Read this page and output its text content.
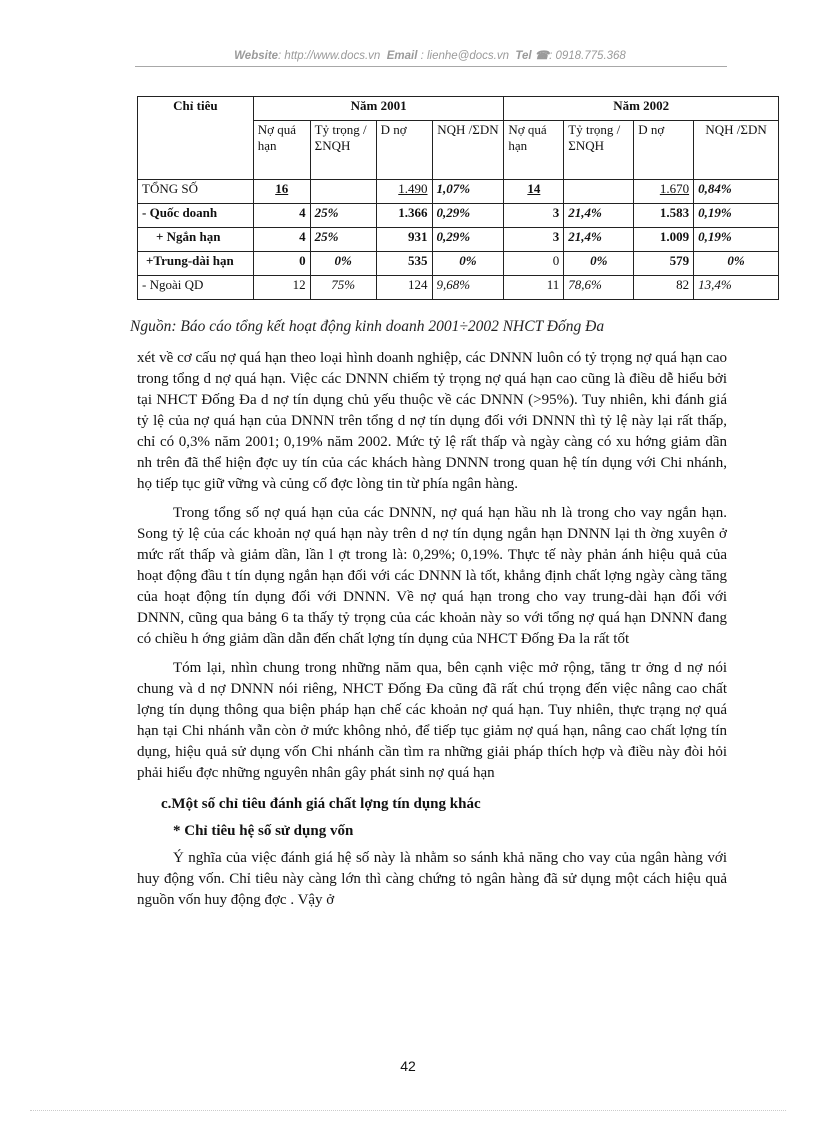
Website: http://www.docs.vn Email : lienhe@docs.vn Tel ☎: 0918.775.368
Chỉ tiêu	Năm 2001				Năm 2002			
	Nợ quá hạn	Tỷ trọng /ΣNQH	D nợ	NQH /ΣDN	Nợ quá hạn	Tỷ trọng /ΣNQH	D nợ	NQH /ΣDN
TỔNG SỐ	16		1.490	1,07%	14		1.670	0,84%
- Quốc doanh	4	25%	1.366	0,29%	3	21,4%	1.583	0,19%
+ Ngắn hạn	4	25%	931	0,29%	3	21,4%	1.009	0,19%
+Trung-dài hạn	0	0%	535	0%	0	0%	579	0%
- Ngoài QD	12	75%	124	9,68%	11	78,6%	82	13,4%
Nguồn: Báo cáo tổng kết hoạt động kinh doanh 2001÷2002 NHCT Đống Đa

xét về cơ cấu nợ quá hạn theo loại hình doanh nghiệp, các DNNN luôn có tỷ trọng nợ quá hạn cao trong tổng d nợ quá hạn. Việc các DNNN chiếm tỷ trọng nợ quá hạn cao cũng là điều dễ hiểu bởi tại NHCT Đống Đa d nợ tín dụng chủ yếu thuộc về các DNNN (>95%). Tuy nhiên, khi đánh giá tỷ lệ của nợ quá hạn của DNNN trên tổng d nợ tín dụng đối với DNNN thì tỷ lệ này lại rất thấp, chỉ có 0,3% năm 2001; 0,19% năm 2002. Mức tỷ lệ rất thấp và ngày càng có xu hớng giảm dần nh trên đã thể hiện đợc uy tín của các khách hàng DNNN trong quan hệ tín dụng với Chi nhánh, họ tiếp tục giữ vững và củng cố đợc lòng tin từ phía ngân hàng.

Trong tổng số nợ quá hạn của các DNNN, nợ quá hạn hầu nh là trong cho vay ngắn hạn. Song tỷ lệ của các khoản nợ quá hạn này trên d nợ tín dụng ngắn hạn DNNN lại th ờng xuyên ở mức rất thấp và giảm dần, lần l ợt trong là: 0,29%; 0,19%. Thực tế này phản ánh hiệu quả của hoạt động đầu t tín dụng ngắn hạn đối với các DNNN là tốt, khẳng định chất lợng ngày càng tăng của hoạt động tín dụng đối với DNNN. Về nợ quá hạn trong cho vay trung-dài hạn đối với DNNN, cũng qua bảng 6 ta thấy tỷ trọng của các khoản này so với tổng nợ quá hạn DNNN đang có chiều h ớng giảm dần dẫn đến chất lợng tín dụng của NHCT Đống Đa la rất tốt

Tóm lại, nhìn chung trong những năm qua, bên cạnh việc mở rộng, tăng tr ởng d nợ nói chung và d nợ DNNN nói riêng, NHCT Đống Đa cũng đã rất chú trọng đến việc nâng cao chất lợng tín dụng thông qua biện pháp hạn chế các khoản nợ quá hạn. Tuy nhiên, thực trạng nợ quá hạn tại Chi nhánh vẫn còn ở mức không nhỏ, để tiếp tục giảm nợ quá hạn, nâng cao chất lợng tín dụng, hiệu quả sử dụng vốn Chi nhánh cần tìm ra những giải pháp thích hợp và điều này đòi hỏi phải hiểu đợc những nguyên nhân gây phát sinh nợ quá hạn

c.Một số chỉ tiêu đánh giá chất lợng tín dụng khác

* Chỉ tiêu hệ số sử dụng vốn

Ý nghĩa của việc đánh giá hệ số này là nhằm so sánh khả năng cho vay của ngân hàng với huy động vốn. Chỉ tiêu này càng lớn thì càng chứng tỏ ngân hàng đã sử dụng một cách hiệu quả nguồn vốn huy động đợc . Vậy ở

42
